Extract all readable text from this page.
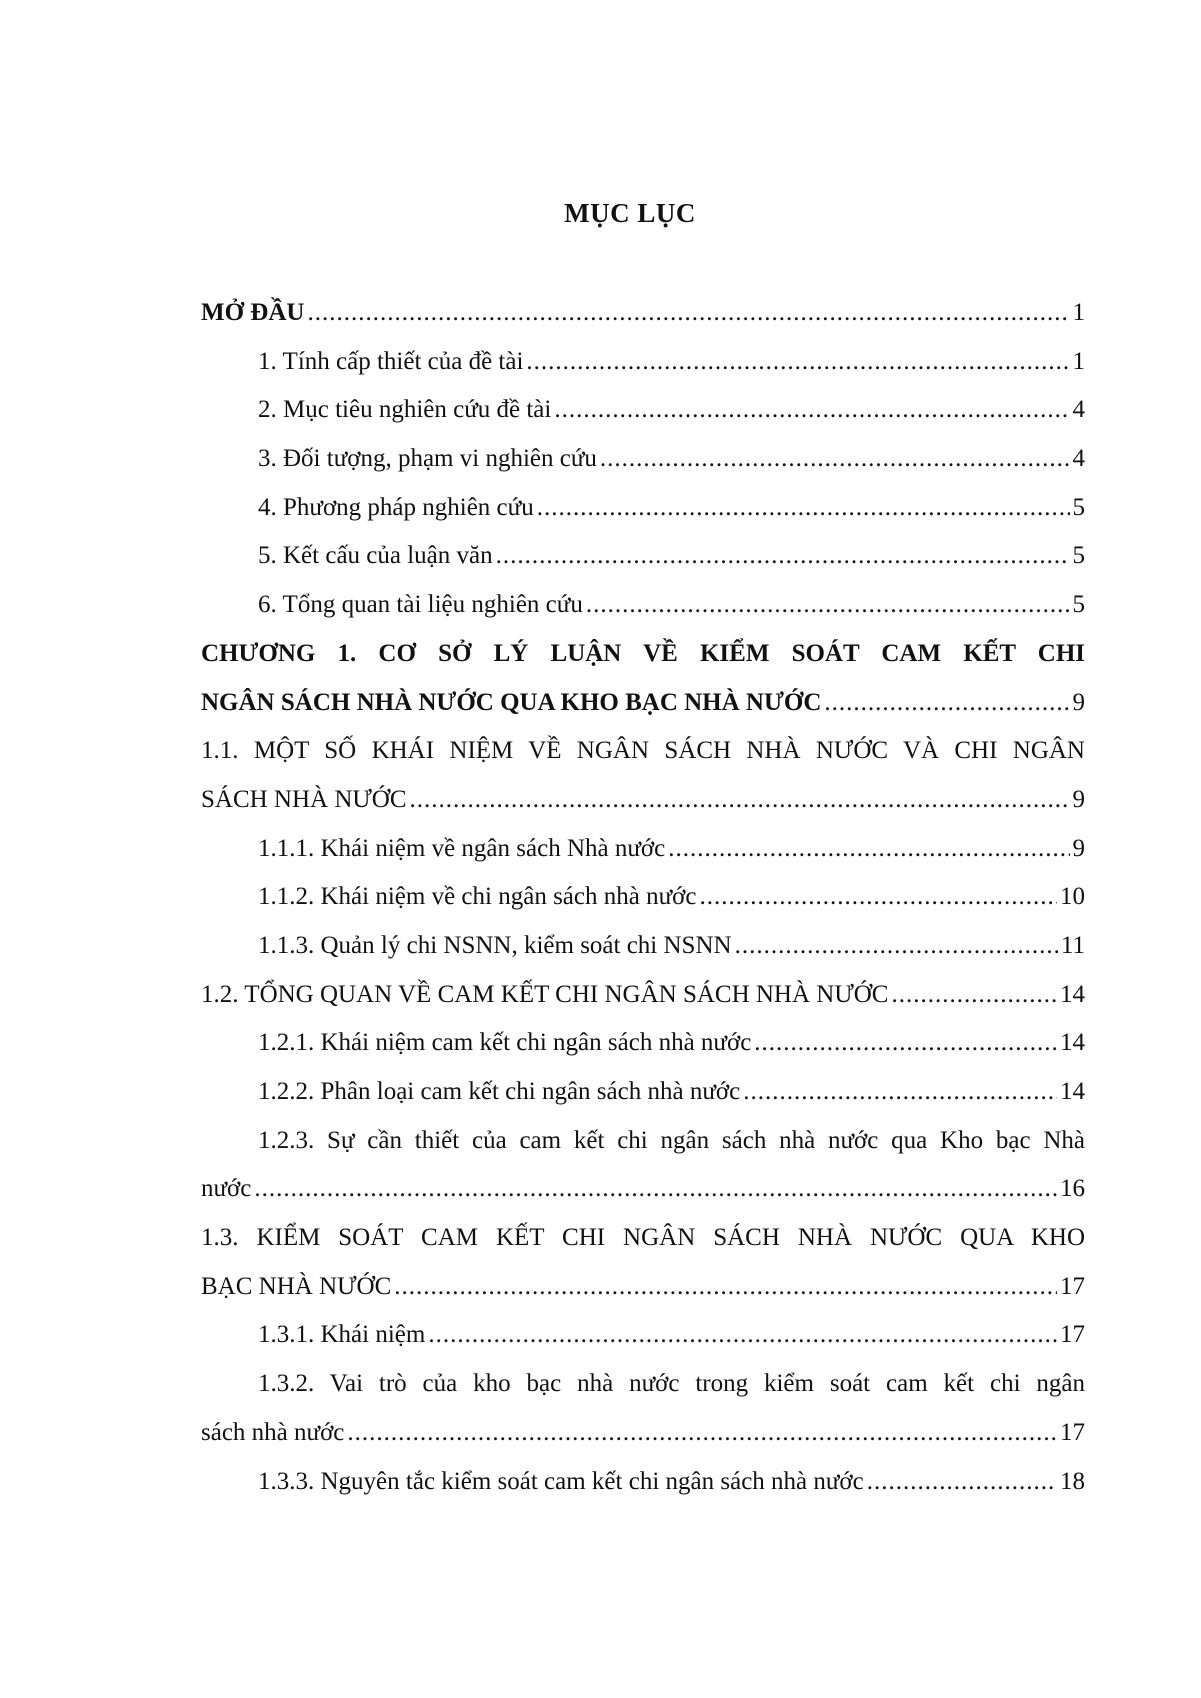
MỤC LỤC
MỞ ĐẦU .....	1
1. Tính cấp thiết của đề tài .....	1
2. Mục tiêu nghiên cứu đề tài .....	4
3. Đối tượng, phạm vi nghiên cứu .....	4
4. Phương pháp nghiên cứu .....	5
5. Kết cấu của luận văn .....	5
6. Tổng quan tài liệu nghiên cứu .....	5
CHƯƠNG 1. CƠ SỞ LÝ LUẬN VỀ KIỂM SOÁT CAM KẾT CHI
NGÂN SÁCH NHÀ NƯỚC QUA KHO BẠC NHÀ NƯỚC .....	9
1.1. MỘT SỐ KHÁI NIỆM VỀ NGÂN SÁCH NHÀ NƯỚC VÀ CHI NGÂN
SÁCH NHÀ NƯỚC .....	9
1.1.1. Khái niệm về ngân sách Nhà nước .....	9
1.1.2. Khái niệm về chi ngân sách nhà nước .....	10
1.1.3. Quản lý chi NSNN, kiểm soát chi NSNN .....	11
1.2. TỔNG QUAN VỀ CAM KẾT CHI NGÂN SÁCH NHÀ NƯỚC .....	14
1.2.1. Khái niệm cam kết chi ngân sách nhà nước .....	14
1.2.2. Phân loại cam kết chi ngân sách nhà nước .....	14
1.2.3. Sự cần thiết của cam kết chi ngân sách nhà nước qua Kho bạc Nhà
nước .....	16
1.3. KIỂM SOÁT CAM KẾT CHI NGÂN SÁCH NHÀ NƯỚC QUA KHO
BẠC NHÀ NƯỚC .....	17
1.3.1. Khái niệm .....	17
1.3.2. Vai trò của kho bạc nhà nước trong kiểm soát cam kết chi ngân
sách nhà nước .....	17
1.3.3. Nguyên tắc kiểm soát cam kết chi ngân sách nhà nước .....	18
